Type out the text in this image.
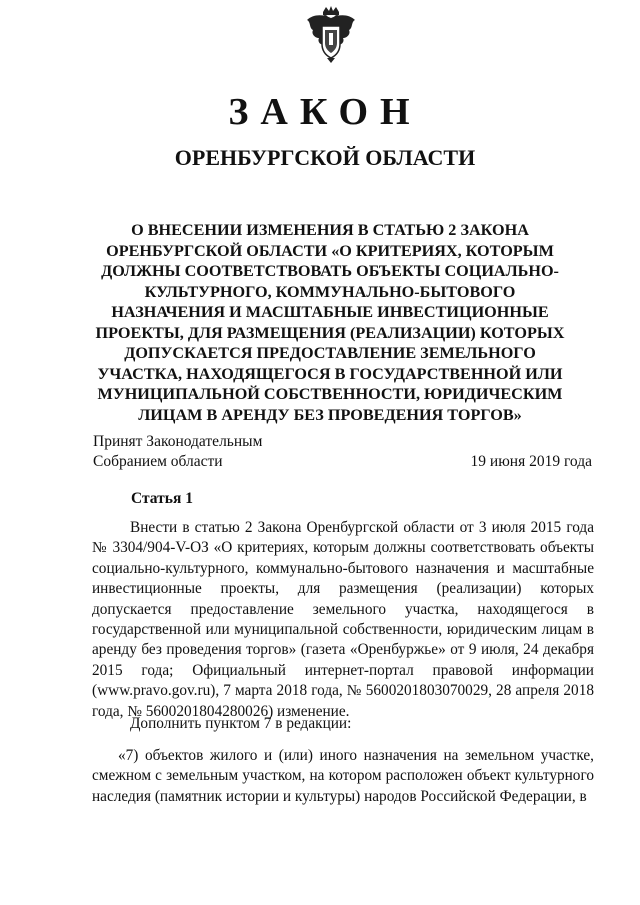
ЗАКОН
ОРЕНБУРГСКОЙ ОБЛАСТИ
О ВНЕСЕНИИ ИЗМЕНЕНИЯ В СТАТЬЮ 2 ЗАКОНА ОРЕНБУРГСКОЙ ОБЛАСТИ «О КРИТЕРИЯХ, КОТОРЫМ ДОЛЖНЫ СООТВЕТСТВОВАТЬ ОБЪЕКТЫ СОЦИАЛЬНО-КУЛЬТУРНОГО, КОММУНАЛЬНО-БЫТОВОГО НАЗНАЧЕНИЯ И МАСШТАБНЫЕ ИНВЕСТИЦИОННЫЕ ПРОЕКТЫ, ДЛЯ РАЗМЕЩЕНИЯ (РЕАЛИЗАЦИИ) КОТОРЫХ ДОПУСКАЕТСЯ ПРЕДОСТАВЛЕНИЕ ЗЕМЕЛЬНОГО УЧАСТКА, НАХОДЯЩЕГОСЯ В ГОСУДАРСТВЕННОЙ ИЛИ МУНИЦИПАЛЬНОЙ СОБСТВЕННОСТИ, ЮРИДИЧЕСКИМ ЛИЦАМ В АРЕНДУ БЕЗ ПРОВЕДЕНИЯ ТОРГОВ»
Принят Законодательным
Собранием области	19 июня 2019 года
Статья 1

Внести в статью 2 Закона Оренбургской области от 3 июля 2015 года № 3304/904-V-ОЗ «О критериях, которым должны соответствовать объекты социально-культурного, коммунально-бытового назначения и масштабные инвестиционные проекты, для размещения (реализации) которых допускается предоставление земельного участка, находящегося в государственной или муниципальной собственности, юридическим лицам в аренду без проведения торгов» (газета «Оренбуржье» от 9 июля, 24 декабря 2015 года; Официальный интернет-портал правовой информации (www.pravo.gov.ru), 7 марта 2018 года, № 5600201803070029, 28 апреля 2018 года, № 5600201804280026) изменение.

Дополнить пунктом 7 в редакции:

«7) объектов жилого и (или) иного назначения на земельном участке, смежном с земельным участком, на котором расположен объект культурного наследия (памятник истории и культуры) народов Российской Федерации, в
